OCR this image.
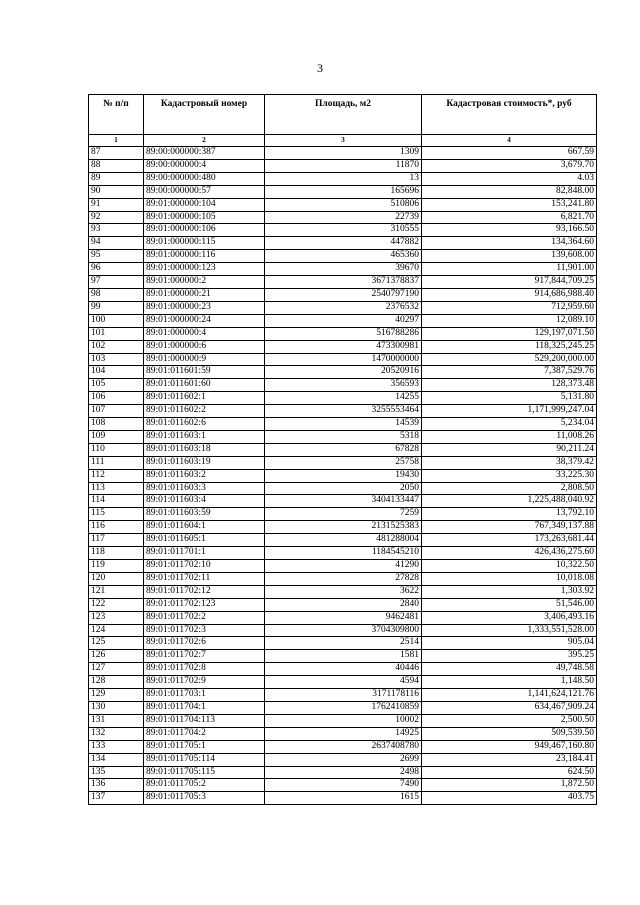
3
№ п/п	Кадастровый номер	Площадь, м2	Кадастровая стоимость*, руб
1	2	3	4
87	89:00:000000:387	1309	667.59
88	89:00:000000:4	11870	3,679.70
89	89:00:000000:480	13	4.03
90	89:00:000000:57	165696	82,848.00
91	89:01:000000:104	510806	153,241.80
92	89:01:000000:105	22739	6,821.70
93	89:01:000000:106	310555	93,166.50
94	89:01:000000:115	447882	134,364.60
95	89:01:000000:116	465360	139,608.00
96	89:01:000000:123	39670	11,901.00
97	89:01:000000:2	3671378837	917,844,709.25
98	89:01:000000:21	2540797190	914,686,988.40
99	89:01:000000:23	2376532	712,959.60
100	89:01:000000:24	40297	12,089.10
101	89:01:000000:4	516788286	129,197,071.50
102	89:01:000000:6	473300981	118,325,245.25
103	89:01:000000:9	1470000000	529,200,000.00
104	89:01:011601:59	20520916	7,387,529.76
105	89:01:011601:60	356593	128,373.48
106	89:01:011602:1	14255	5,131.80
107	89:01:011602:2	3255553464	1,171,999,247.04
108	89:01:011602:6	14539	5,234.04
109	89:01:011603:1	5318	11,008.26
110	89:01:011603:18	67828	90,211.24
111	89:01:011603:19	25758	38,379.42
112	89:01:011603:2	19430	33,225.30
113	89:01:011603:3	2050	2,808.50
114	89:01:011603:4	3404133447	1,225,488,040.92
115	89:01:011603:59	7259	13,792.10
116	89:01:011604:1	2131525383	767,349,137.88
117	89:01:011605:1	481288004	173,263,681.44
118	89:01:011701:1	1184545210	426,436,275.60
119	89:01:011702:10	41290	10,322.50
120	89:01:011702:11	27828	10,018.08
121	89:01:011702:12	3622	1,303.92
122	89:01:011702:123	2840	51,546.00
123	89:01:011702:2	9462481	3,406,493.16
124	89:01:011702:3	3704309800	1,333,551,528.00
125	89:01:011702:6	2514	905.04
126	89:01:011702:7	1581	395.25
127	89:01:011702:8	40446	49,748.58
128	89:01:011702:9	4594	1,148.50
129	89:01:011703:1	3171178116	1,141,624,121.76
130	89:01:011704:1	1762410859	634,467,909.24
131	89:01:011704:113	10002	2,500.50
132	89:01:011704:2	14925	509,539.50
133	89:01:011705:1	2637408780	949,467,160.80
134	89:01:011705:114	2699	23,184.41
135	89:01:011705:115	2498	624.50
136	89:01:011705:2	7490	1,872.50
137	89:01:011705:3	1615	403.75
